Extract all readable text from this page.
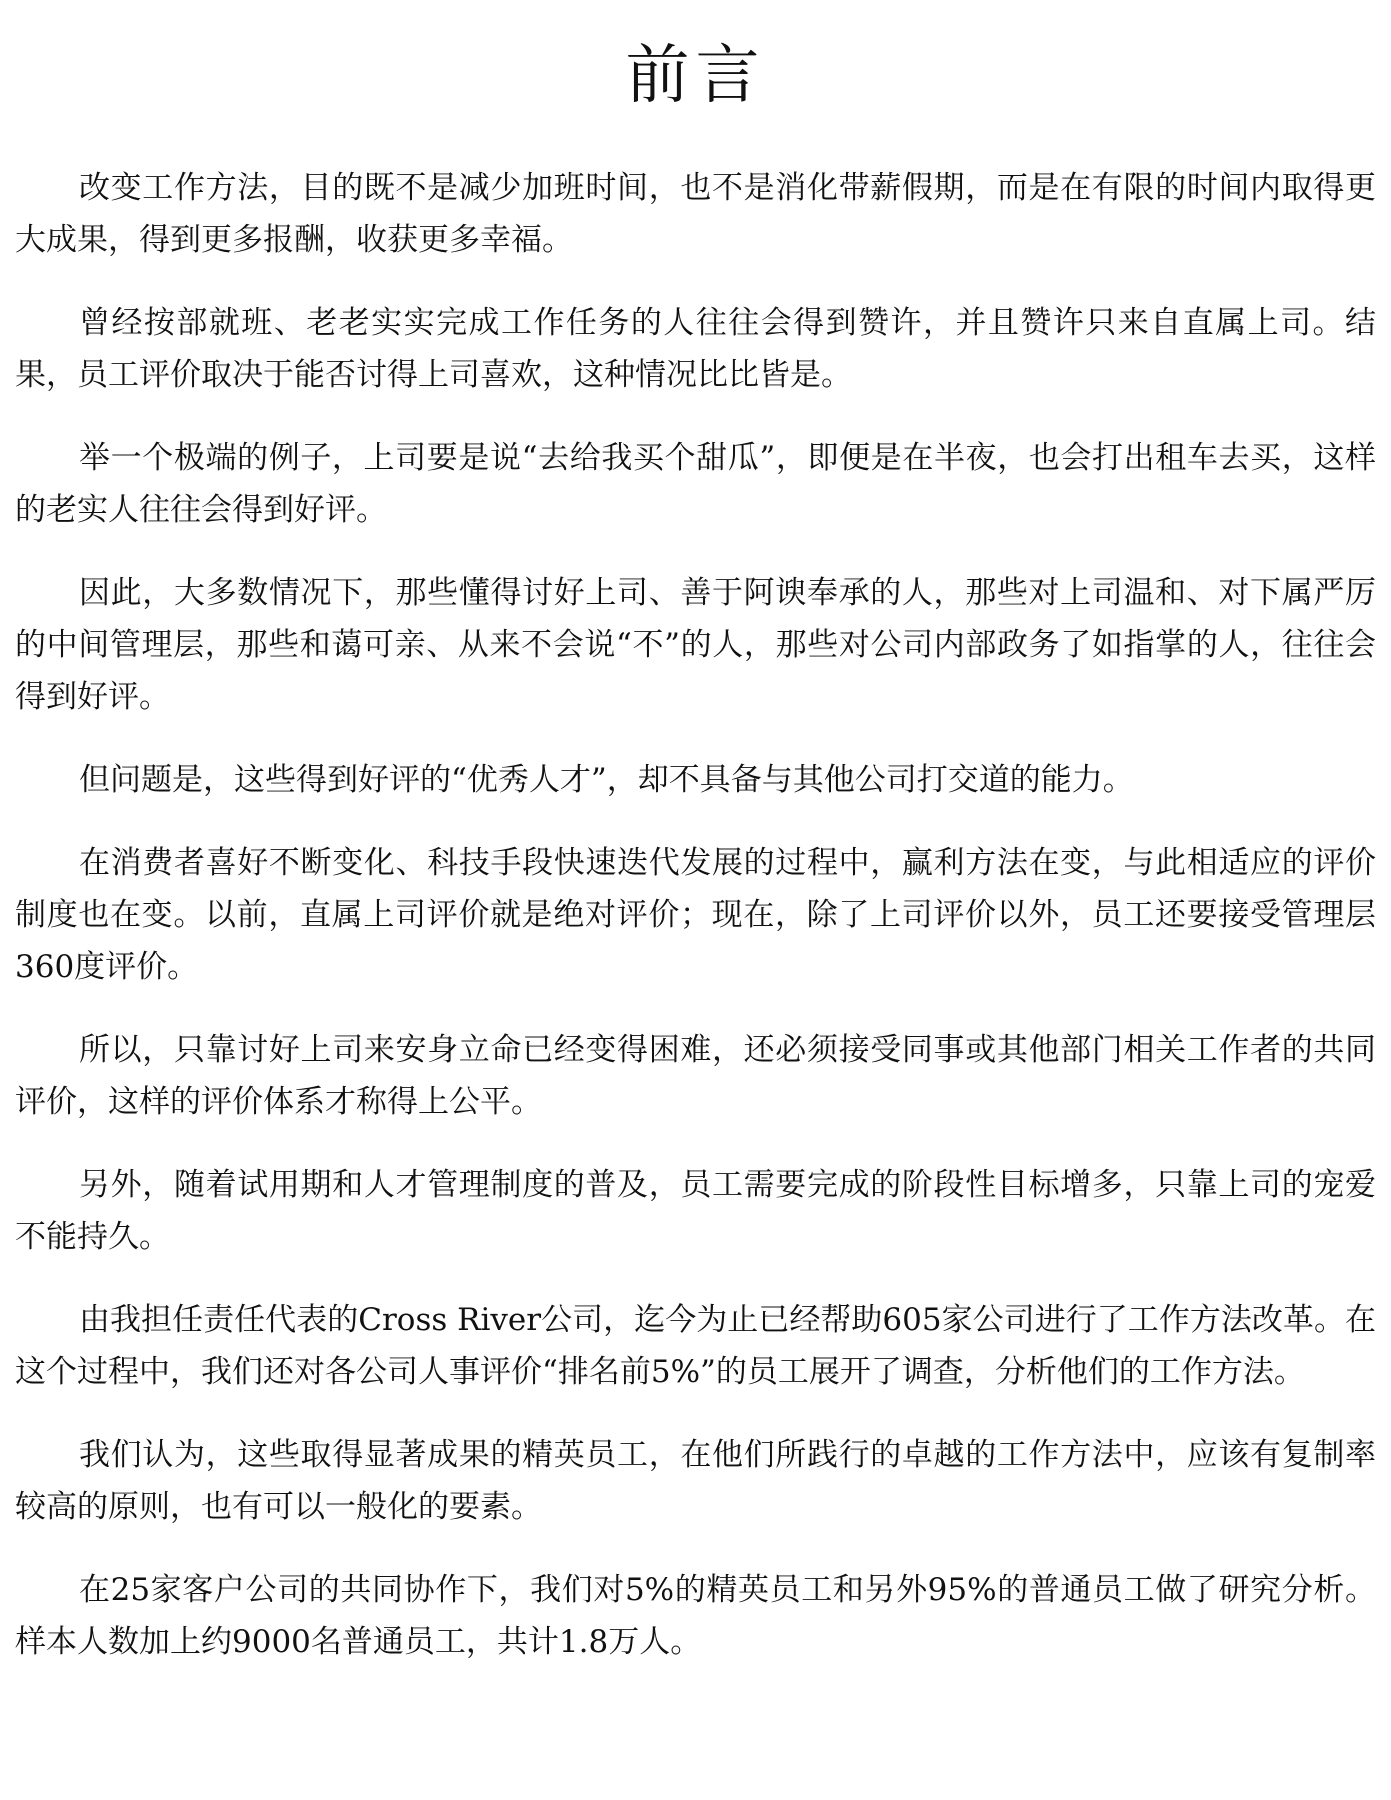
前言

改变工作方法，目的既不是减少加班时间，也不是消化带薪假期，而是在有限的时间内取得更大成果，得到更多报酬，收获更多幸福。

曾经按部就班、老老实实完成工作任务的人往往会得到赞许，并且赞许只来自直属上司。结果，员工评价取决于能否讨得上司喜欢，这种情况比比皆是。

举一个极端的例子，上司要是说“去给我买个甜瓜”，即便是在半夜，也会打出租车去买，这样的老实人往往会得到好评。

因此，大多数情况下，那些懂得讨好上司、善于阿谀奉承的人，那些对上司温和、对下属严厉的中间管理层，那些和蔼可亲、从来不会说“不”的人，那些对公司内部政务了如指掌的人，往往会得到好评。

但问题是，这些得到好评的“优秀人才”，却不具备与其他公司打交道的能力。

在消费者喜好不断变化、科技手段快速迭代发展的过程中，赢利方法在变，与此相适应的评价制度也在变。以前，直属上司评价就是绝对评价；现在，除了上司评价以外，员工还要接受管理层360度评价。

所以，只靠讨好上司来安身立命已经变得困难，还必须接受同事或其他部门相关工作者的共同评价，这样的评价体系才称得上公平。

另外，随着试用期和人才管理制度的普及，员工需要完成的阶段性目标增多，只靠上司的宠爱不能持久。

由我担任责任代表的Cross River公司，迄今为止已经帮助605家公司进行了工作方法改革。在这个过程中，我们还对各公司人事评价“排名前5%”的员工展开了调查，分析他们的工作方法。

我们认为，这些取得显著成果的精英员工，在他们所践行的卓越的工作方法中，应该有复制率较高的原则，也有可以一般化的要素。

在25家客户公司的共同协作下，我们对5%的精英员工和另外95%的普通员工做了研究分析。样本人数加上约9000名普通员工，共计1.8万人。
